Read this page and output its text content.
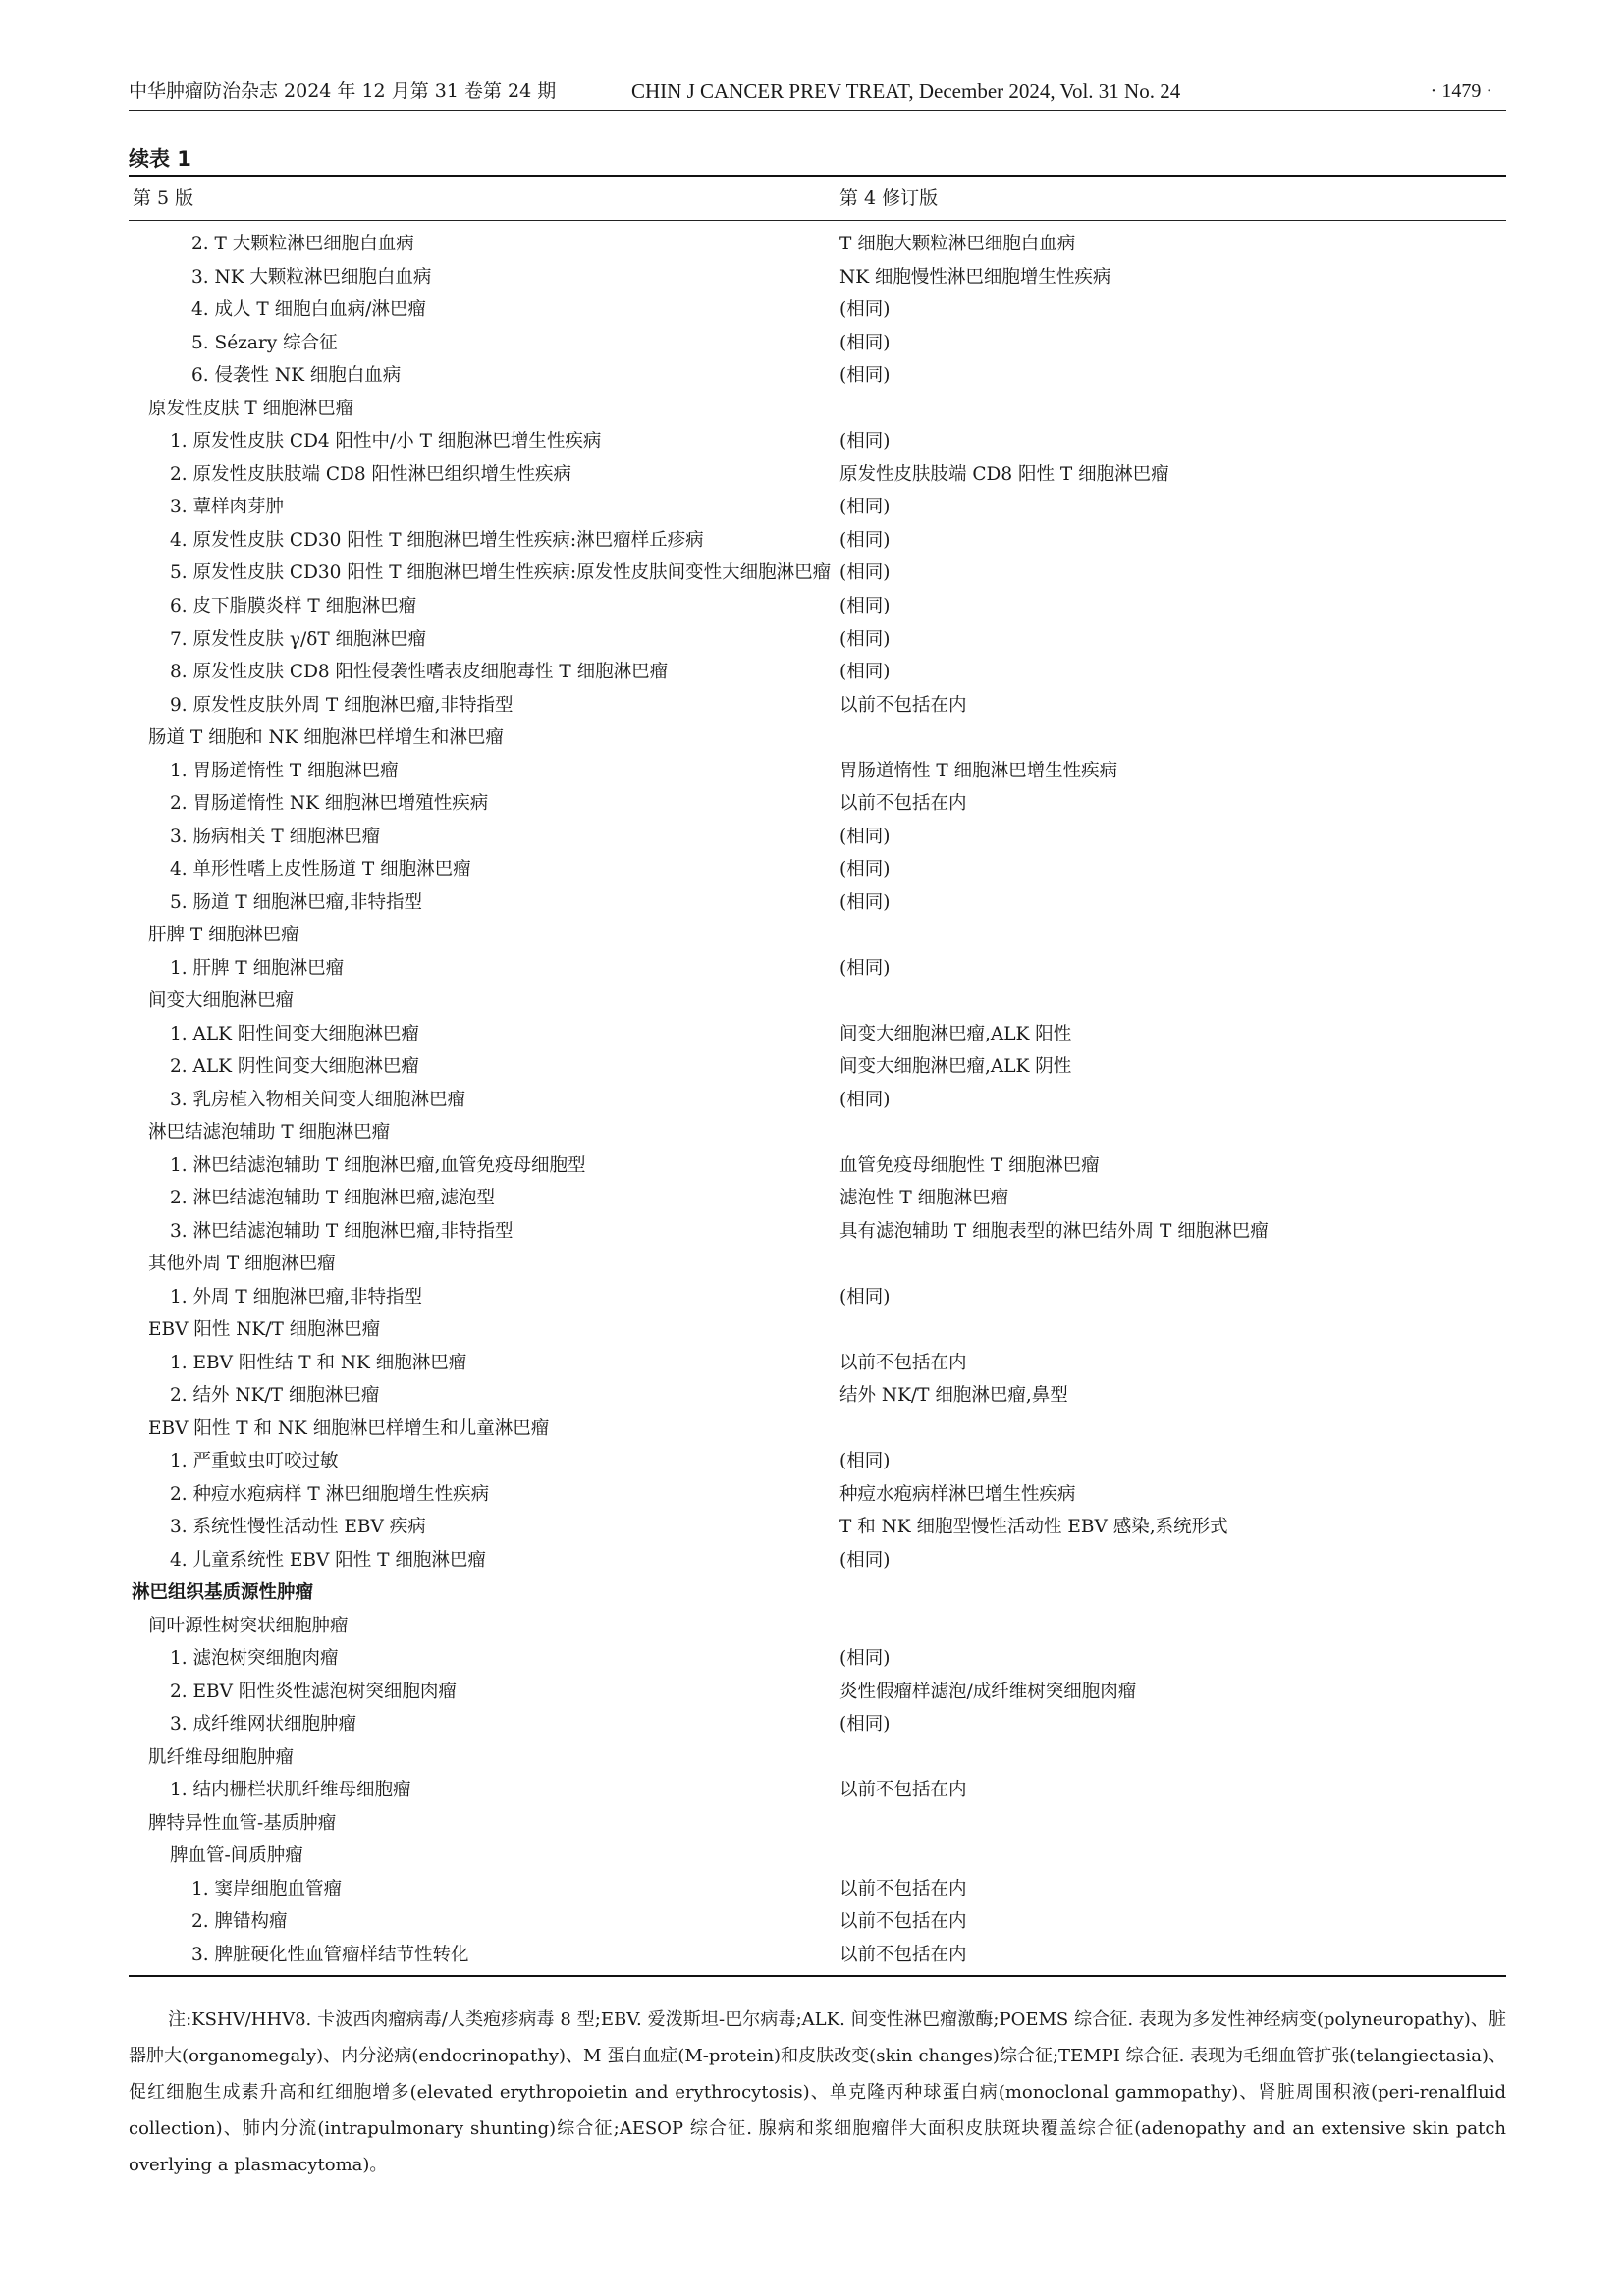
中华肿瘤防治杂志 2024 年 12 月第 31 卷第 24 期	CHIN J CANCER PREV TREAT, December 2024, Vol. 31 No. 24	· 1479 ·
续表 1
第 5 版	第 4 修订版
2. T 大颗粒淋巴细胞白血病	T 细胞大颗粒淋巴细胞白血病
3. NK 大颗粒淋巴细胞白血病	NK 细胞慢性淋巴细胞增生性疾病
4. 成人 T 细胞白血病/淋巴瘤	(相同)
5. Sézary 综合征	(相同)
6. 侵袭性 NK 细胞白血病	(相同)
原发性皮肤 T 细胞淋巴瘤
1. 原发性皮肤 CD4 阳性中/小 T 细胞淋巴增生性疾病	(相同)
2. 原发性皮肤肢端 CD8 阳性淋巴组织增生性疾病	原发性皮肤肢端 CD8 阳性 T 细胞淋巴瘤
3. 蕈样肉芽肿	(相同)
4. 原发性皮肤 CD30 阳性 T 细胞淋巴增生性疾病:淋巴瘤样丘疹病	(相同)
5. 原发性皮肤 CD30 阳性 T 细胞淋巴增生性疾病:原发性皮肤间变性大细胞淋巴瘤 (相同)
6. 皮下脂膜炎样 T 细胞淋巴瘤	(相同)
7. 原发性皮肤 γ/δT 细胞淋巴瘤	(相同)
8. 原发性皮肤 CD8 阳性侵袭性嗜表皮细胞毒性 T 细胞淋巴瘤	(相同)
9. 原发性皮肤外周 T 细胞淋巴瘤,非特指型	以前不包括在内
肠道 T 细胞和 NK 细胞淋巴样增生和淋巴瘤
1. 胃肠道惰性 T 细胞淋巴瘤	胃肠道惰性 T 细胞淋巴增生性疾病
2. 胃肠道惰性 NK 细胞淋巴增殖性疾病	以前不包括在内
3. 肠病相关 T 细胞淋巴瘤	(相同)
4. 单形性嗜上皮性肠道 T 细胞淋巴瘤	(相同)
5. 肠道 T 细胞淋巴瘤,非特指型	(相同)
肝脾 T 细胞淋巴瘤
1. 肝脾 T 细胞淋巴瘤	(相同)
间变大细胞淋巴瘤
1. ALK 阳性间变大细胞淋巴瘤	间变大细胞淋巴瘤,ALK 阳性
2. ALK 阴性间变大细胞淋巴瘤	间变大细胞淋巴瘤,ALK 阴性
3. 乳房植入物相关间变大细胞淋巴瘤	(相同)
淋巴结滤泡辅助 T 细胞淋巴瘤
1. 淋巴结滤泡辅助 T 细胞淋巴瘤,血管免疫母细胞型	血管免疫母细胞性 T 细胞淋巴瘤
2. 淋巴结滤泡辅助 T 细胞淋巴瘤,滤泡型	滤泡性 T 细胞淋巴瘤
3. 淋巴结滤泡辅助 T 细胞淋巴瘤,非特指型	具有滤泡辅助 T 细胞表型的淋巴结外周 T 细胞淋巴瘤
其他外周 T 细胞淋巴瘤
1. 外周 T 细胞淋巴瘤,非特指型	(相同)
EBV 阳性 NK/T 细胞淋巴瘤
1. EBV 阳性结 T 和 NK 细胞淋巴瘤	以前不包括在内
2. 结外 NK/T 细胞淋巴瘤	结外 NK/T 细胞淋巴瘤,鼻型
EBV 阳性 T 和 NK 细胞淋巴样增生和儿童淋巴瘤
1. 严重蚊虫叮咬过敏	(相同)
2. 种痘水疱病样 T 淋巴细胞增生性疾病	种痘水疱病样淋巴增生性疾病
3. 系统性慢性活动性 EBV 疾病	T 和 NK 细胞型慢性活动性 EBV 感染,系统形式
4. 儿童系统性 EBV 阳性 T 细胞淋巴瘤	(相同)
淋巴组织基质源性肿瘤
间叶源性树突状细胞肿瘤
1. 滤泡树突细胞肉瘤	(相同)
2. EBV 阳性炎性滤泡树突细胞肉瘤	炎性假瘤样滤泡/成纤维树突细胞肉瘤
3. 成纤维网状细胞肿瘤	(相同)
肌纤维母细胞肿瘤
1. 结内栅栏状肌纤维母细胞瘤	以前不包括在内
脾特异性血管-基质肿瘤
脾血管-间质肿瘤
1. 窦岸细胞血管瘤	以前不包括在内
2. 脾错构瘤	以前不包括在内
3. 脾脏硬化性血管瘤样结节性转化	以前不包括在内
注:KSHV/HHV8. 卡波西肉瘤病毒/人类疱疹病毒 8 型;EBV. 爱泼斯坦-巴尔病毒;ALK. 间变性淋巴瘤激酶;POEMS 综合征. 表现为多发性神经病变(polyneuropathy)、脏器肿大(organomegaly)、内分泌病(endocrinopathy)、M 蛋白血症(M-protein)和皮肤改变(skin changes)综合征;TEMPI 综合征. 表现为毛细血管扩张(telangiectasia)、促红细胞生成素升高和红细胞增多(elevated erythropoietin and erythrocytosis)、单克隆丙种球蛋白病(monoclonal gammopathy)、肾脏周围积液(peri-renalfluid collection)、肺内分流(intrapulmonary shunting)综合征;AESOP 综合征. 腺病和浆细胞瘤伴大面积皮肤斑块覆盖综合征(adenopathy and an extensive skin patch overlying a plasmacytoma)。
